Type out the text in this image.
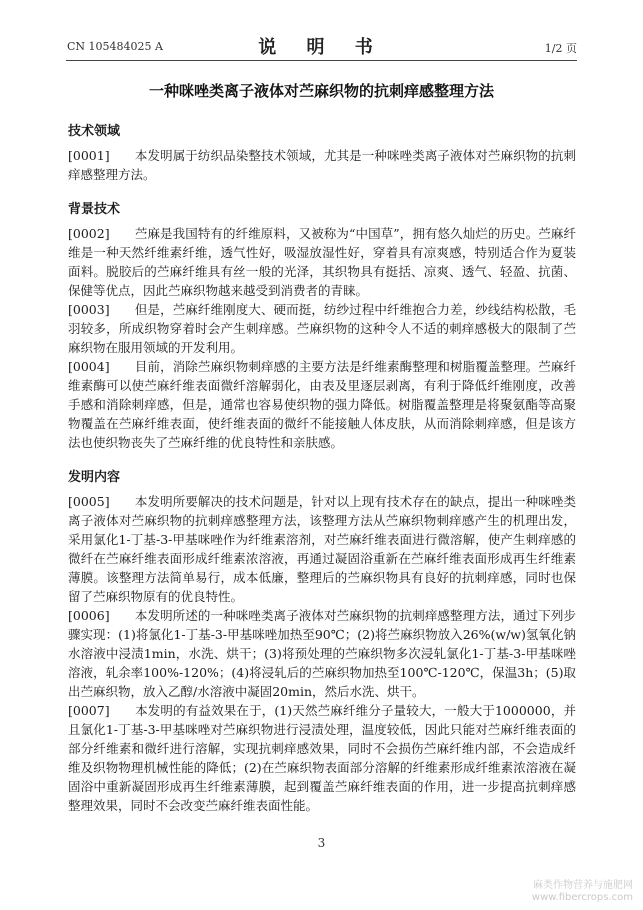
CN 105484025 A	说 明 书	1/2 页
一种咪唑类离子液体对苎麻织物的抗刺痒感整理方法
技术领域

[0001]　　本发明属于纺织品染整技术领域，尤其是一种咪唑类离子液体对苎麻织物的抗刺痒感整理方法。

背景技术

[0002]　　苎麻是我国特有的纤维原料，又被称为“中国草”，拥有悠久灿烂的历史。苎麻纤维是一种天然纤维素纤维，透气性好，吸湿放湿性好，穿着具有凉爽感，特别适合作为夏装面料。脱胶后的苎麻纤维具有丝一般的光泽，其织物具有挺括、凉爽、透气、轻盈、抗菌、保健等优点，因此苎麻织物越来越受到消费者的青睐。

[0003]　　但是，苎麻纤维刚度大、硬而挺，纺纱过程中纤维抱合力差，纱线结构松散，毛羽较多，所成织物穿着时会产生刺痒感。苎麻织物的这种令人不适的刺痒感极大的限制了苎麻织物在服用领域的开发利用。

[0004]　　目前，消除苎麻织物刺痒感的主要方法是纤维素酶整理和树脂覆盖整理。苎麻纤维素酶可以使苎麻纤维表面微纤溶解弱化，由表及里逐层剥离，有利于降低纤维刚度，改善手感和消除刺痒感，但是，通常也容易使织物的强力降低。树脂覆盖整理是将聚氨酯等高聚物覆盖在苎麻纤维表面，使纤维表面的微纤不能接触人体皮肤，从而消除刺痒感，但是该方法也使织物丧失了苎麻纤维的优良特性和亲肤感。

发明内容

[0005]　　本发明所要解决的技术问题是，针对以上现有技术存在的缺点，提出一种咪唑类离子液体对苎麻织物的抗刺痒感整理方法，该整理方法从苎麻织物刺痒感产生的机理出发，采用氯化1-丁基-3-甲基咪唑作为纤维素溶剂，对苎麻纤维表面进行微溶解，使产生刺痒感的微纤在苎麻纤维表面形成纤维素浓溶液，再通过凝固浴重新在苎麻纤维表面形成再生纤维素薄膜。该整理方法简单易行，成本低廉，整理后的苎麻织物具有良好的抗刺痒感，同时也保留了苎麻织物原有的优良特性。

[0006]　　本发明所述的一种咪唑类离子液体对苎麻织物的抗刺痒感整理方法，通过下列步骤实现：(1)将氯化1-丁基-3-甲基咪唑加热至90℃；(2)将苎麻织物放入26%(w/w)氢氧化钠水溶液中浸渍1min，水洗、烘干；(3)将预处理的苎麻织物多次浸轧氯化1-丁基-3-甲基咪唑溶液，轧余率100%-120%；(4)将浸轧后的苎麻织物加热至100℃-120℃，保温3h；(5)取出苎麻织物，放入乙醇/水溶液中凝固20min，然后水洗、烘干。

[0007]　　本发明的有益效果在于，(1)天然苎麻纤维分子量较大，一般大于1000000，并且氯化1-丁基-3-甲基咪唑对苎麻织物进行浸渍处理，温度较低，因此只能对苎麻纤维表面的部分纤维素和微纤进行溶解，实现抗刺痒感效果，同时不会损伤苎麻纤维内部，不会造成纤维及织物物理机械性能的降低；(2)在苎麻织物表面部分溶解的纤维素形成纤维素浓溶液在凝固浴中重新凝固形成再生纤维素薄膜，起到覆盖苎麻纤维表面的作用，进一步提高抗刺痒感整理效果，同时不会改变苎麻纤维表面性能。

3
麻类作物营养与施肥网
www.fibercrops.com
